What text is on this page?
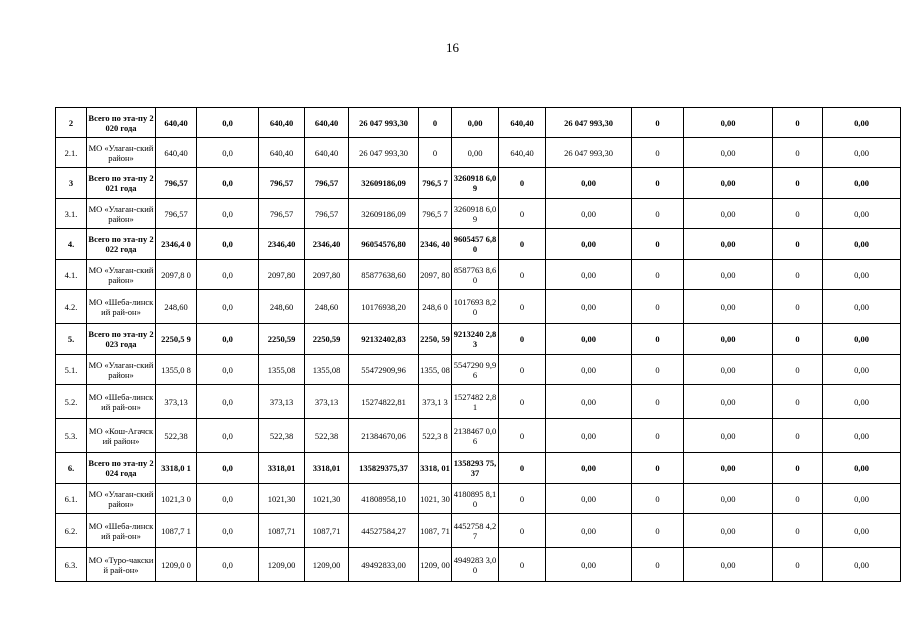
16
2	Всего по эта-пу 2020 года	640,40	0,0	640,40	640,40	26 047 993,30	0	0,00	640,40	26 047 993,30	0	0,00	0	0,00
2.1.	МО «Улаган-ский район»	640,40	0,0	640,40	640,40	26 047 993,30	0	0,00	640,40	26 047 993,30	0	0,00	0	0,00
3	Всего по эта-пу 2021 года	796,57	0,0	796,57	796,57	32609186,09	796,5 7	3260918 6,09	0	0,00	0	0,00	0	0,00
3.1.	МО «Улаган-ский район»	796,57	0,0	796,57	796,57	32609186,09	796,5 7	3260918 6,09	0	0,00	0	0,00	0	0,00
4.	Всего по эта-пу 2022 года	2346,4 0	0,0	2346,40	2346,40	96054576,80	2346, 40	9605457 6,80	0	0,00	0	0,00	0	0,00
4.1.	МО «Улаган-ский район»	2097,8 0	0,0	2097,80	2097,80	85877638,60	2097, 80	8587763 8,60	0	0,00	0	0,00	0	0,00
4.2.	МО «Шеба-линский рай-он»	248,60	0,0	248,60	248,60	10176938,20	248,6 0	1017693 8,20	0	0,00	0	0,00	0	0,00
5.	Всего по эта-пу 2023 года	2250,5 9	0,0	2250,59	2250,59	92132402,83	2250, 59	9213240 2,83	0	0,00	0	0,00	0	0,00
5.1.	МО «Улаган-ский район»	1355,0 8	0,0	1355,08	1355,08	55472909,96	1355, 08	5547290 9,96	0	0,00	0	0,00	0	0,00
5.2.	МО «Шеба-линский рай-он»	373,13	0,0	373,13	373,13	15274822,81	373,1 3	1527482 2,81	0	0,00	0	0,00	0	0,00
5.3.	МО «Кош-Агачский район»	522,38	0,0	522,38	522,38	21384670,06	522,3 8	2138467 0,06	0	0,00	0	0,00	0	0,00
6.	Всего по эта-пу 2024 года	3318,0 1	0,0	3318,01	3318,01	135829375,37	3318, 01	1358293 75,37	0	0,00	0	0,00	0	0,00
6.1.	МО «Улаган-ский район»	1021,3 0	0,0	1021,30	1021,30	41808958,10	1021, 30	4180895 8,10	0	0,00	0	0,00	0	0,00
6.2.	МО «Шеба-линский рай-он»	1087,7 1	0,0	1087,71	1087,71	44527584,27	1087, 71	4452758 4,27	0	0,00	0	0,00	0	0,00
6.3.	МО «Туро-чакский рай-он»	1209,0 0	0,0	1209,00	1209,00	49492833,00	1209, 00	4949283 3,00	0	0,00	0	0,00	0	0,00
